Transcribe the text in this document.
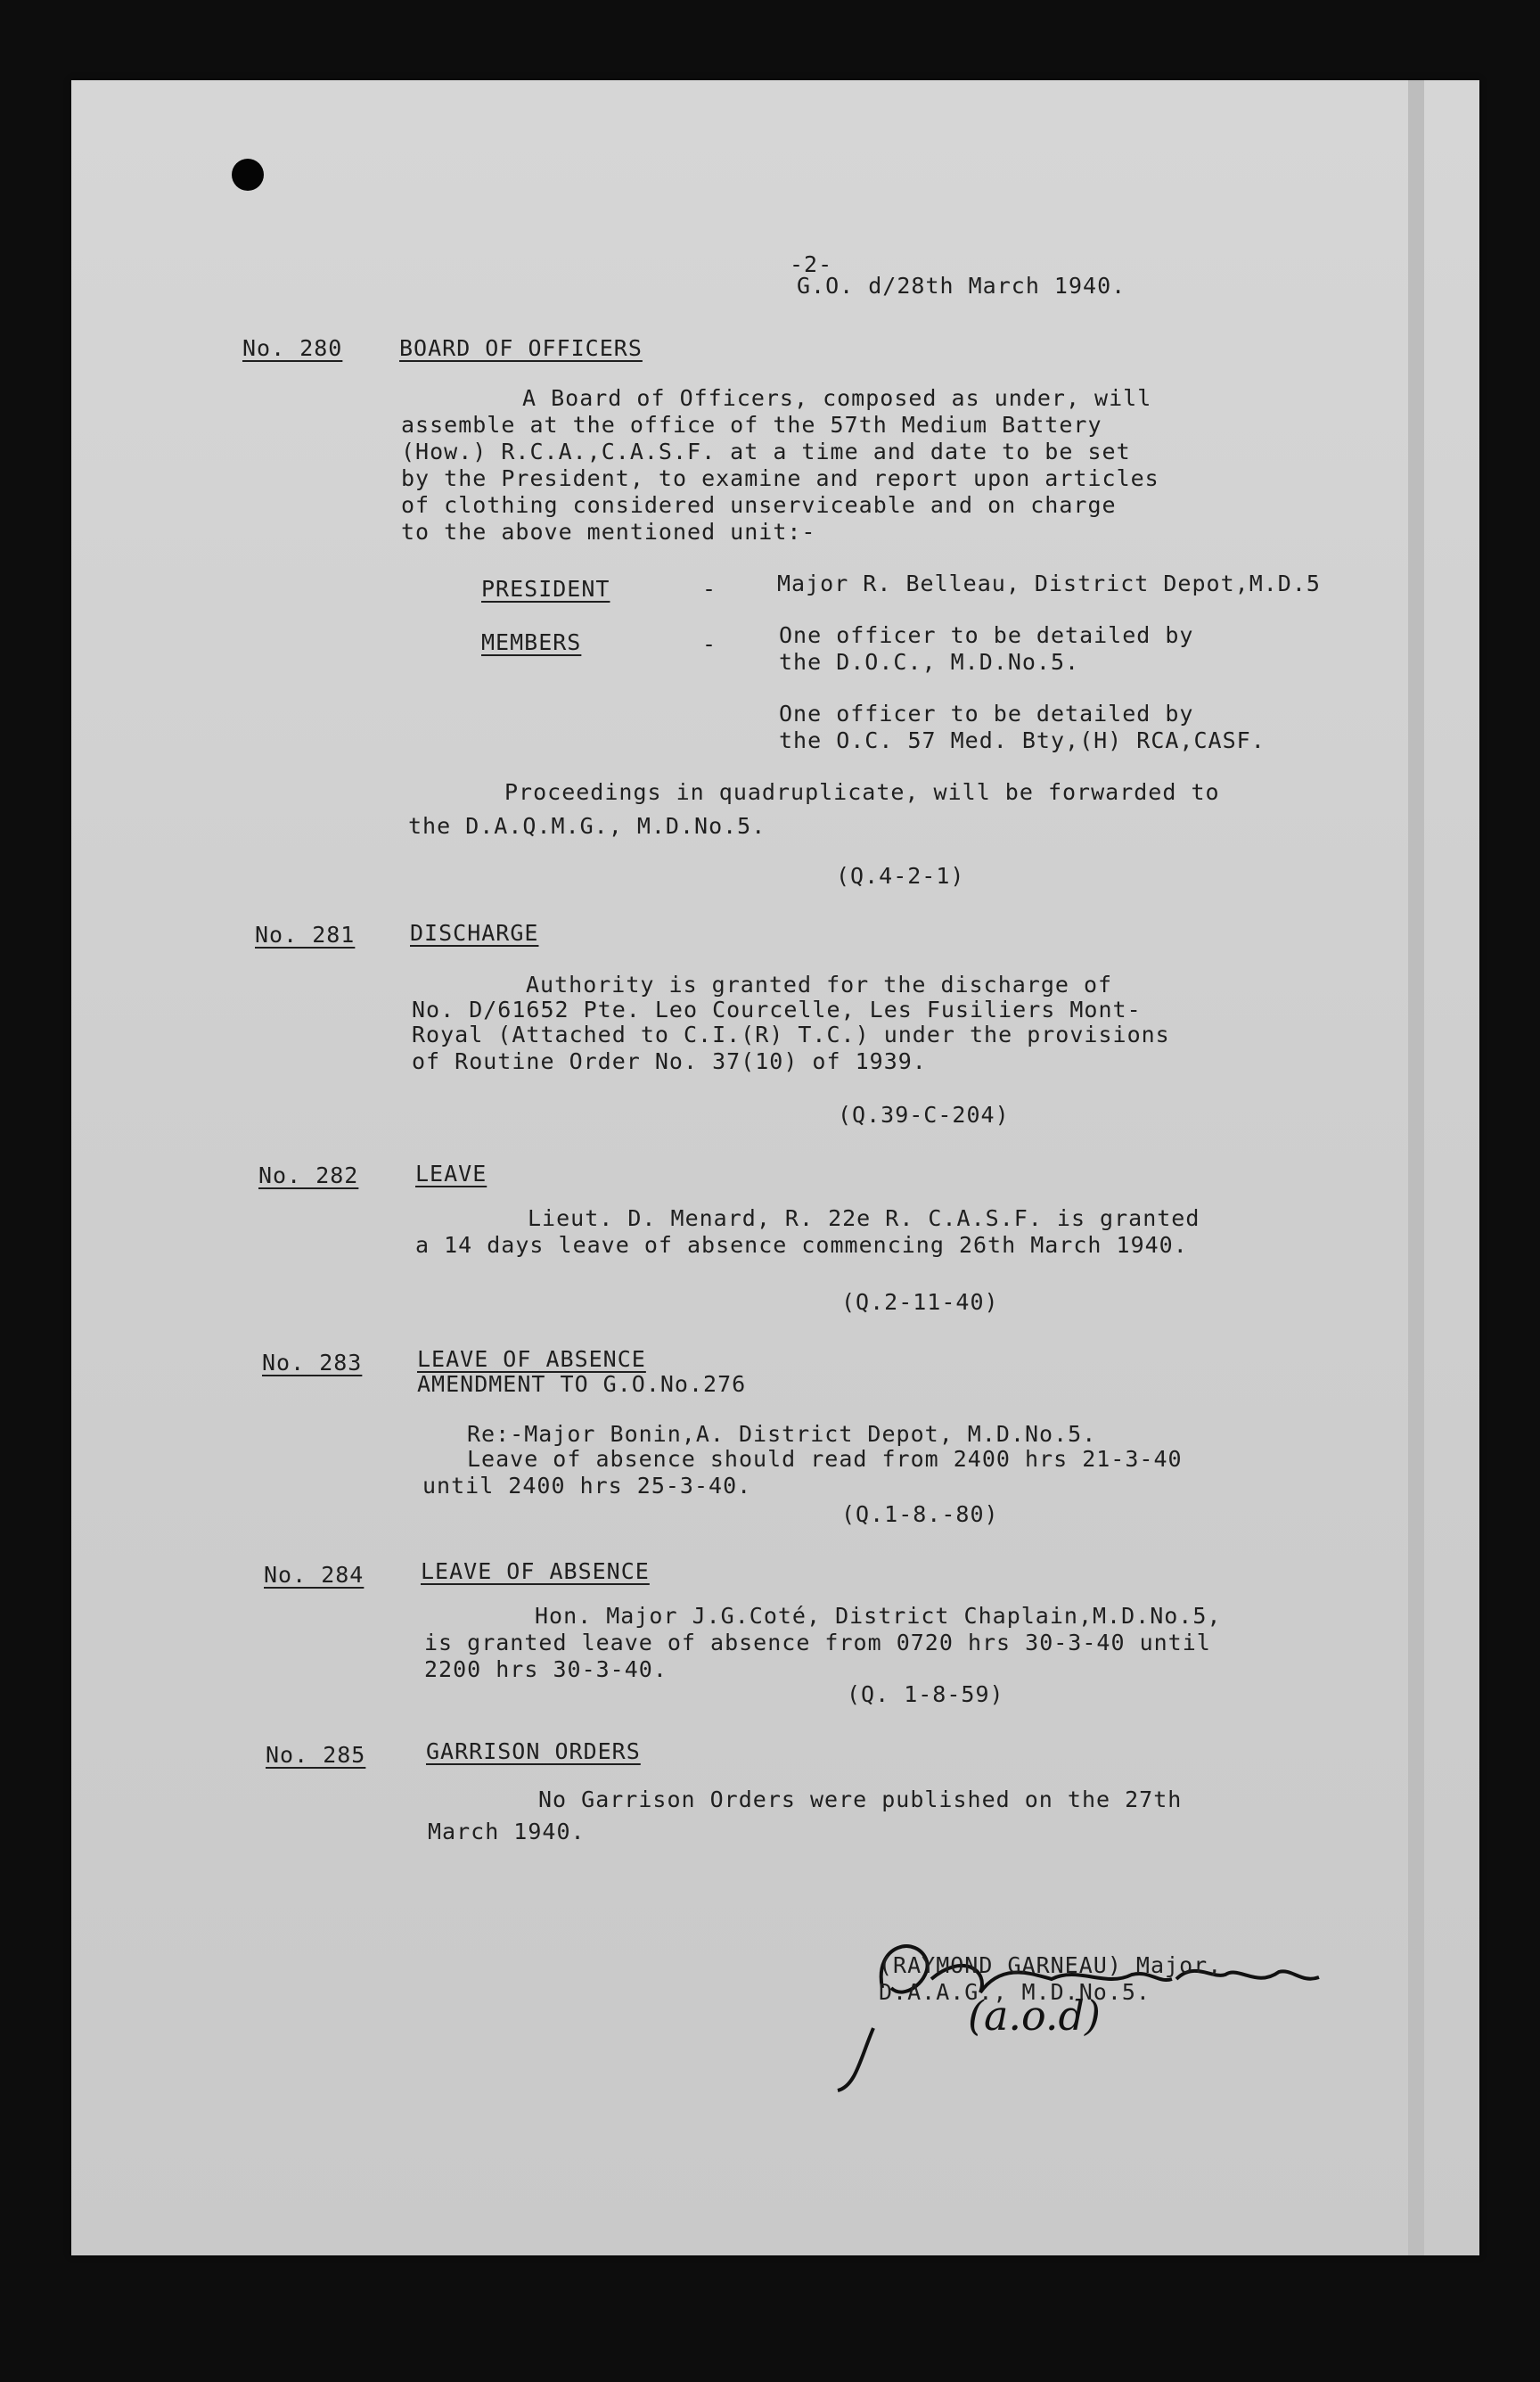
-2-
G.O. d/28th March 1940.
No. 280	BOARD OF OFFICERS
A Board of Officers, composed as under, will
assemble at the office of the 57th Medium Battery
(How.) R.C.A.,C.A.S.F. at a time and date to be set
by the President, to examine and report upon articles
of clothing considered unserviceable and on charge
to the above mentioned unit:-
PRESIDENT	-	Major R. Belleau, District Depot,M.D.5
MEMBERS	-	One officer to be detailed by
the D.O.C., M.D.No.5.
One officer to be detailed by
the O.C. 57 Med. Bty,(H) RCA,CASF.
Proceedings in quadruplicate, will be forwarded to
the D.A.Q.M.G., M.D.No.5.
(Q.4-2-1)
No. 281 DISCHARGE
Authority is granted for the discharge of
No. D/61652 Pte. Leo Courcelle, Les Fusiliers Mont-
Royal (Attached to C.I.(R) T.C.) under the provisions
of Routine Order No. 37(10) of 1939.
(Q.39-C-204)
No. 282	LEAVE
Lieut. D. Menard, R. 22e R. C.A.S.F. is granted
a 14 days leave of absence commencing 26th March 1940.
(Q.2-11-40)
No. 283 LEAVE OF ABSENCE
AMENDMENT TO G.O.No.276
Re:-Major Bonin,A. District Depot, M.D.No.5.
Leave of absence should read from 2400 hrs 21-3-40
until 2400 hrs 25-3-40.
(Q.1-8.-80)
No. 284	LEAVE OF ABSENCE
Hon. Major J.G.Coté, District Chaplain,M.D.No.5,
is granted leave of absence from 0720 hrs 30-3-40 until
2200 hrs 30-3-40.
(Q. 1-8-59)
No. 285	GARRISON ORDERS
No Garrison Orders were published on the 27th
March 1940.
(RAYMOND GARNEAU) Major,
D.A.A.G., M.D.No.5.
(a.o.d)
